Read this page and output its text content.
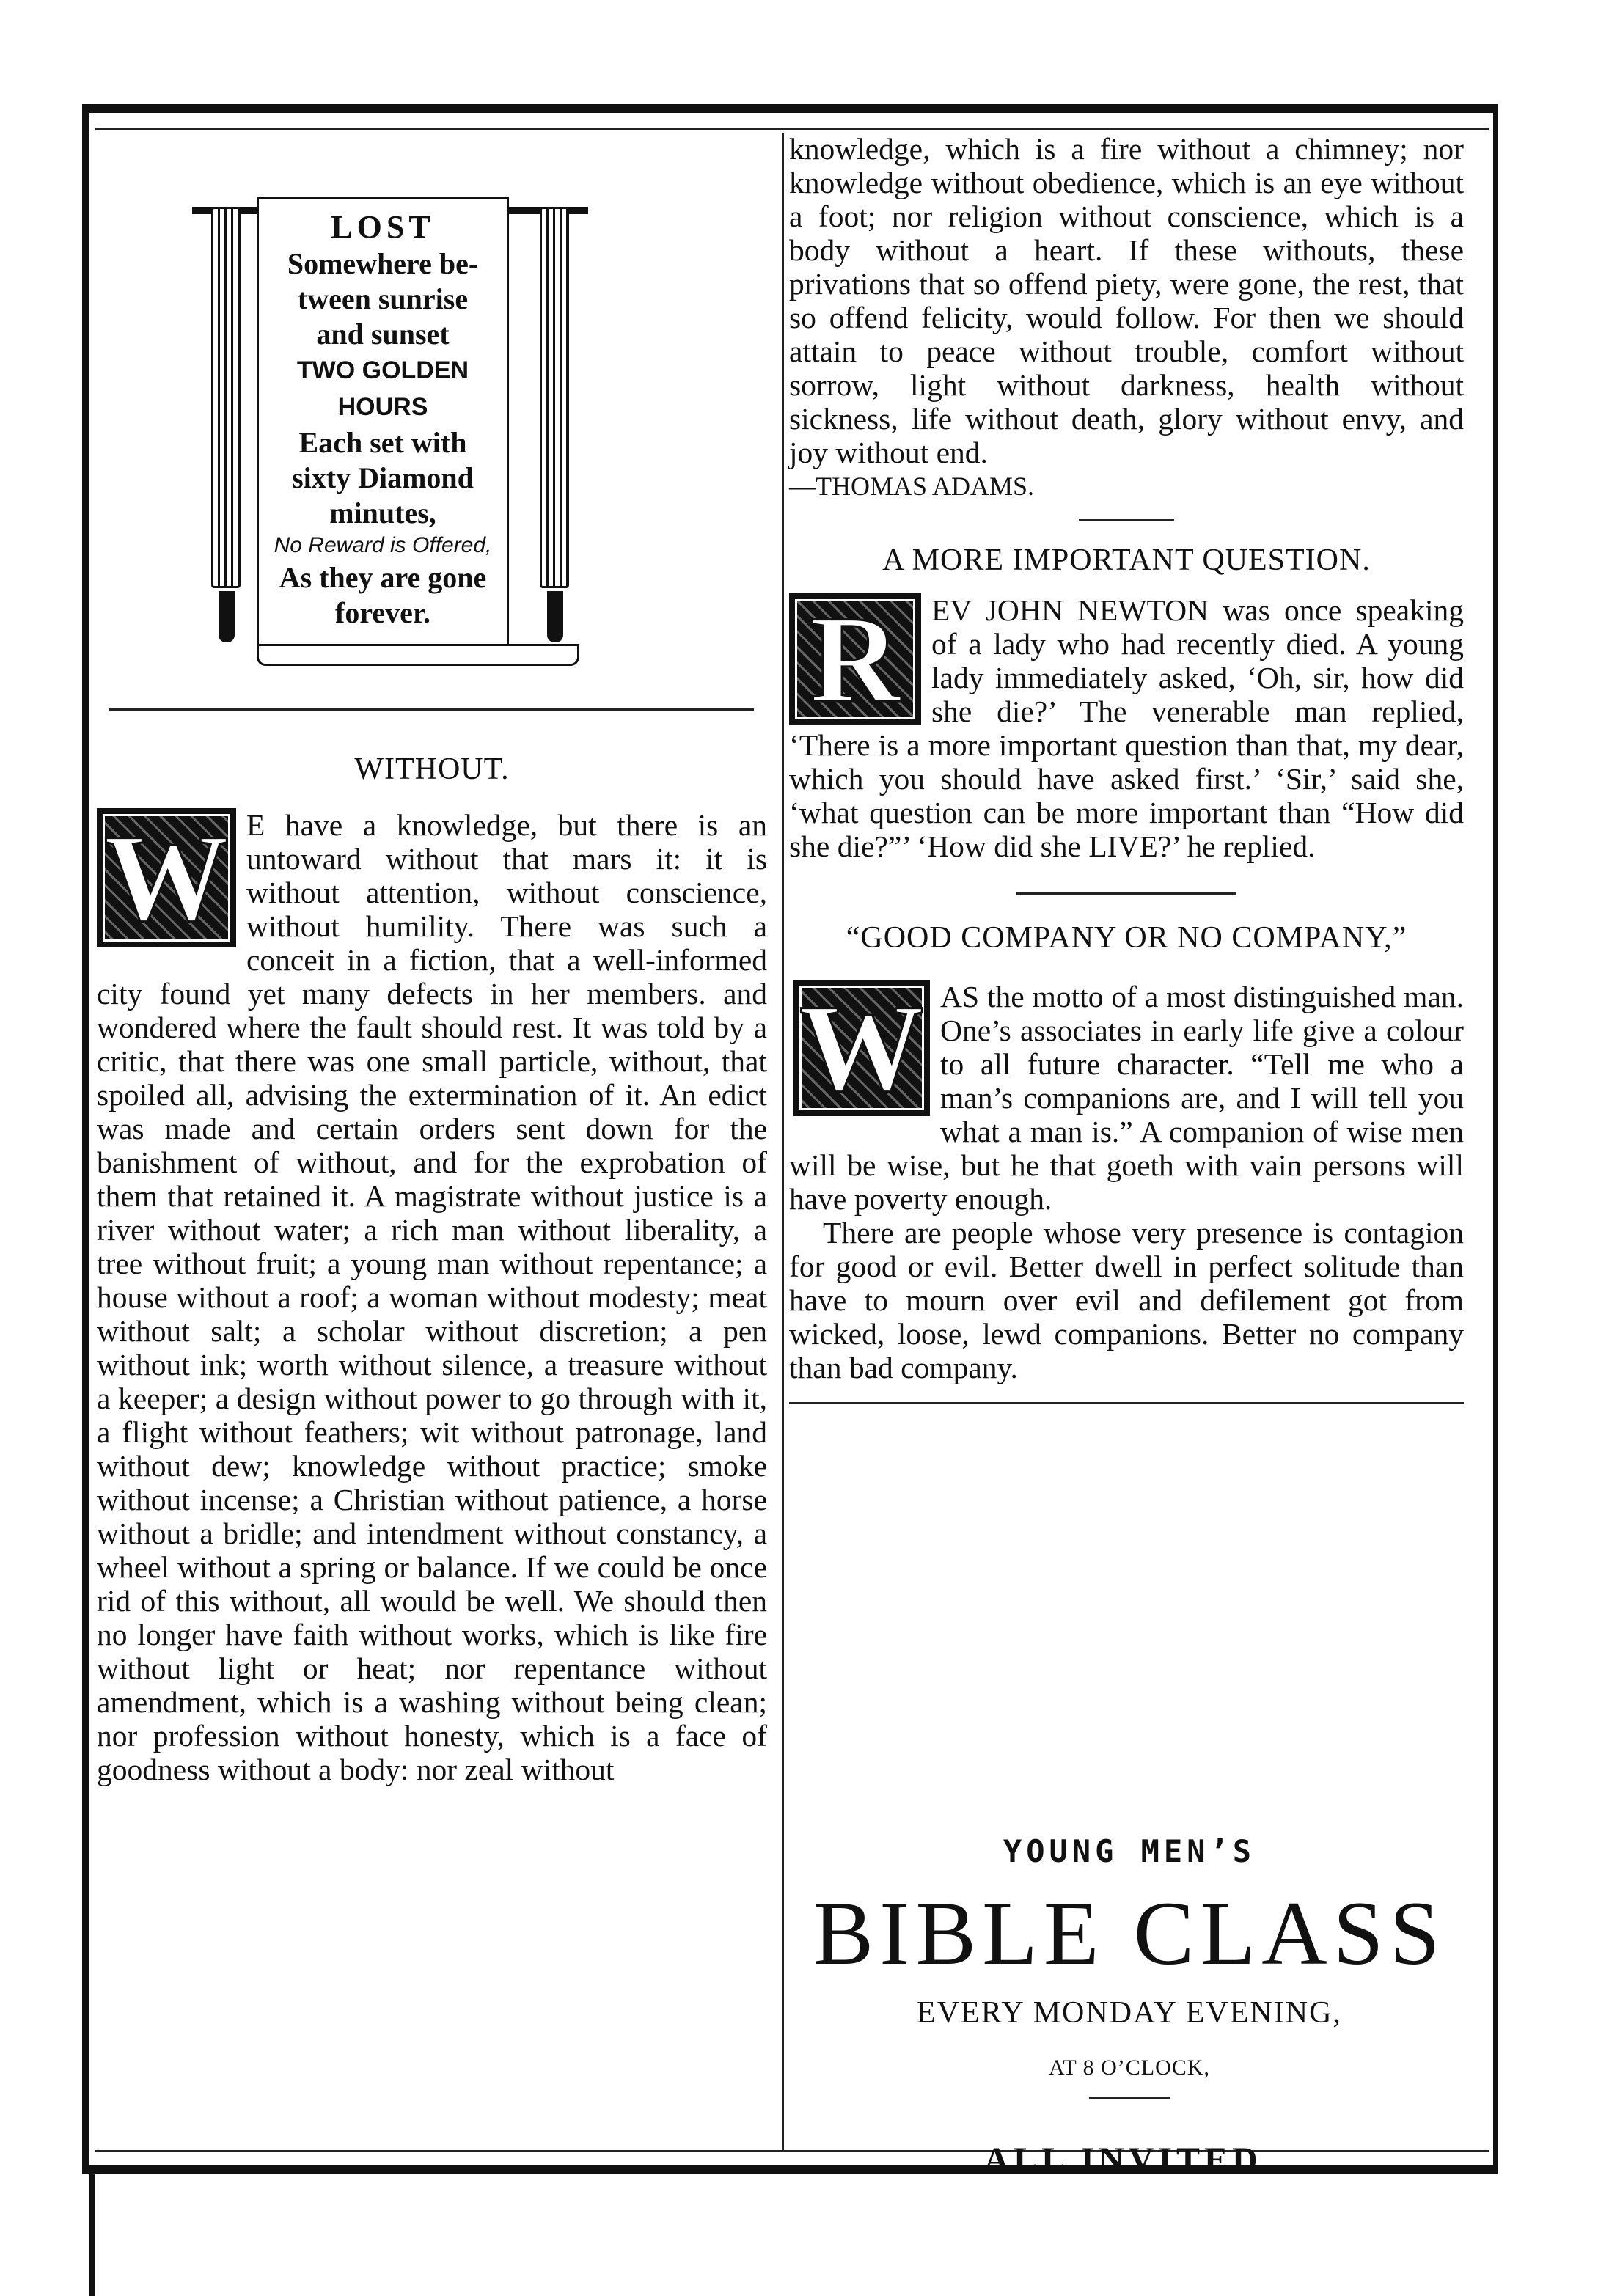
LOST
Somewhere be-
tween sunrise
and sunset
TWO GOLDEN HOURS
Each set with
sixty Diamond
minutes,
No Reward is Offered,
As they are gone
forever.

WITHOUT.

W E have a knowledge, but there is an untoward without that mars it: it is without attention, without conscience, without humility. There was such a conceit in a fiction, that a well-informed city found yet many defects in her members. and wondered where the fault should rest. It was told by a critic, that there was one small particle, without, that spoiled all, advising the extermination of it. An edict was made and certain orders sent down for the banishment of without, and for the exprobation of them that retained it. A magistrate without justice is a river without water; a rich man without liberality, a tree without fruit; a young man without repentance; a house without a roof; a woman without modesty; meat without salt; a scholar without discretion; a pen without ink; worth without silence, a treasure without a keeper; a design without power to go through with it, a flight without feathers; wit without patronage, land without dew; knowledge without practice; smoke without incense; a Christian without patience, a horse without a bridle; and intendment without constancy, a wheel without a spring or balance. If we could be once rid of this without, all would be well. We should then no longer have faith without works, which is like fire without light or heat; nor repentance without amendment, which is a washing without being clean; nor profession without honesty, which is a face of goodness without a body: nor zeal without

knowledge, which is a fire without a chimney; nor knowledge without obedience, which is an eye without a foot; nor religion without conscience, which is a body without a heart. If these withouts, these privations that so offend piety, were gone, the rest, that so offend felicity, would follow. For then we should attain to peace without trouble, comfort without sorrow, light without darkness, health without sickness, life without death, glory without envy, and joy without end.

—THOMAS ADAMS.

A MORE IMPORTANT QUESTION.

R	EV JOHN NEWTON was once speaking of a lady who had recently died. A young lady immediately asked, ‘Oh, sir, how did she die?’ The venerable man replied, ‘There is a more important question than that, my dear, which you should have asked first.’ ‘Sir,’ said she, ‘what question can be more important than “How did she die?”’ ‘How did she LIVE?’ he replied.

“GOOD COMPANY OR NO COMPANY,”

W AS the motto of a most distinguished man. One’s associates in early life give a colour to all future character. “Tell me who a man’s companions are, and I will tell you what a man is.” A companion of wise men will be wise, but he that goeth with vain persons will have poverty enough.

There are people whose very presence is contagion for good or evil. Better dwell in perfect solitude than have to mourn over evil and defilement got from wicked, loose, lewd companions. Better no company than bad company.

YOUNG MEN’S
BIBLE CLASS
EVERY MONDAY EVENING,
AT 8 O’CLOCK,
ALL INVITED.
